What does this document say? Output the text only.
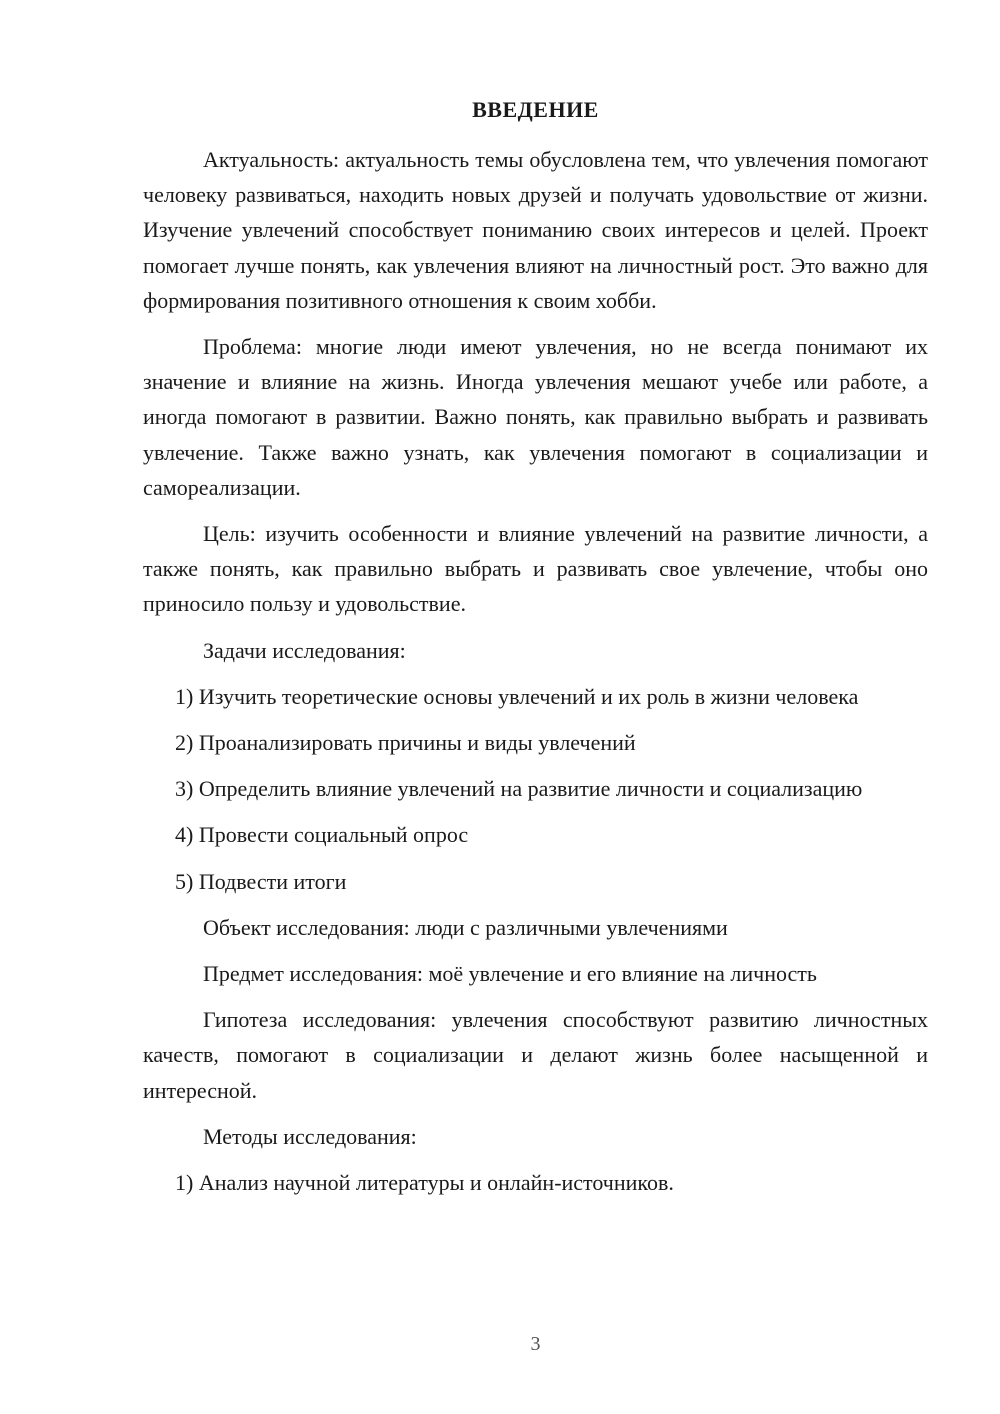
ВВЕДЕНИЕ

Актуальность: актуальность темы обусловлена тем, что увлечения помогают человеку развиваться, находить новых друзей и получать удовольствие от жизни. Изучение увлечений способствует пониманию своих интересов и целей. Проект помогает лучше понять, как увлечения влияют на личностный рост. Это важно для формирования позитивного отношения к своим хобби.

Проблема: многие люди имеют увлечения, но не всегда понимают их значение и влияние на жизнь. Иногда увлечения мешают учебе или работе, а иногда помогают в развитии. Важно понять, как правильно выбрать и развивать увлечение. Также важно узнать, как увлечения помогают в социализации и самореализации.

Цель: изучить особенности и влияние увлечений на развитие личности, а также понять, как правильно выбрать и развивать свое увлечение, чтобы оно приносило пользу и удовольствие.

Задачи исследования:

1) Изучить теоретические основы увлечений и их роль в жизни человека

2) Проанализировать причины и виды увлечений

3) Определить влияние увлечений на развитие личности и социализацию

4) Провести социальный опрос

5) Подвести итоги

Объект исследования: люди с различными увлечениями

Предмет исследования: моё увлечение и его влияние на личность

Гипотеза исследования: увлечения способствуют развитию личностных качеств, помогают в социализации и делают жизнь более насыщенной и интересной.

Методы исследования:

1) Анализ научной литературы и онлайн-источников.

3
